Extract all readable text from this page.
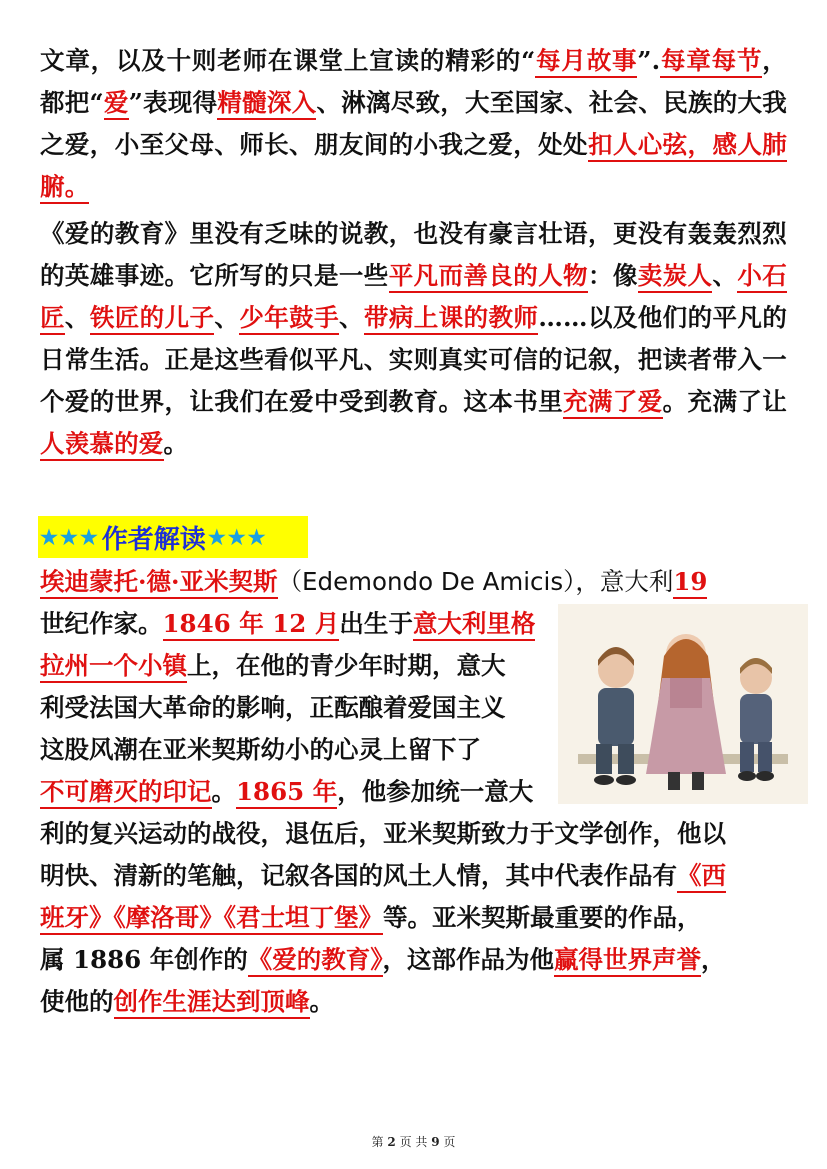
文章，以及十则老师在课堂上宣读的精彩的“每月故事”.每章每节，都把“爱”表现得精髓深入、淋漓尽致，大至国家、社会、民族的大我之爱，小至父母、师长、朋友间的小我之爱，处处扣人心弦，感人肺腑。
《爱的教育》里没有乏味的说教，也没有豪言壮语，更没有轰轰烈烈的英雄事迹。它所写的只是一些平凡而善良的人物：像卖炭人、小石匠、铁匠的儿子、少年鼓手、带病上课的教师……以及他们的平凡的日常生活。正是这些看似平凡、实则真实可信的记叙，把读者带入一个爱的世界，让我们在爱中受到教育。这本书里充满了爱。充满了让人羡慕的爱。
★★★ 作者解读 ★★★
埃迪蒙托·德·亚米契斯（Edemondo De Amicis），意大利19
世纪作家。1846 年 12 月出生于意大利里格
拉州一个小镇上，在他的青少年时期，意大
利受法国大革命的影响，正酝酿着爱国主义
这股风潮在亚米契斯幼小的心灵上留下了
不可磨灭的印记。1865 年，他参加统一意大
利的复兴运动的战役，退伍后，亚米契斯致力于文学创作，他以
明快、清新的笔触，记叙各国的风土人情，其中代表作品有《西
班牙》《摩洛哥》《君士坦丁堡》等。亚米契斯最重要的作品，
属 1886 年创作的《爱的教育》，这部作品为他赢得世界声誉，
使他的创作生涯达到顶峰。
第 2 页 共 9 页
